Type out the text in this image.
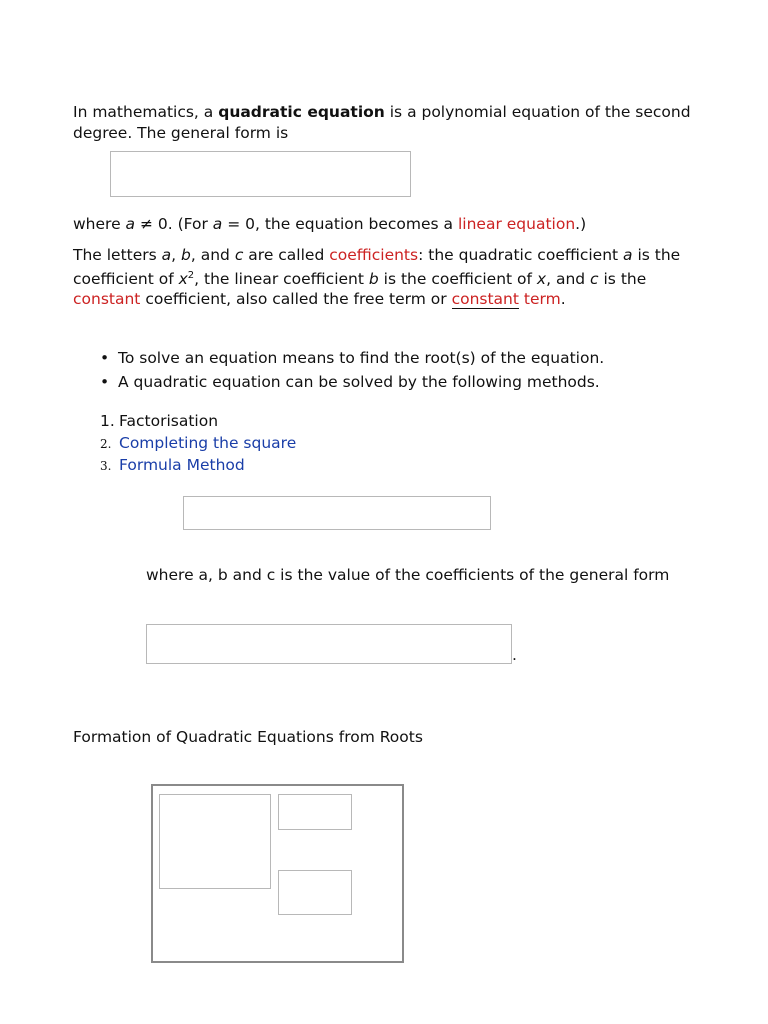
In mathematics, a quadratic equation is a polynomial equation of the second degree. The general form is

where a ≠ 0. (For a = 0, the equation becomes a linear equation.)

The letters a, b, and c are called coefficients: the quadratic coefficient a is the coefficient of $x^2$, the linear coefficient b is the coefficient of x, and c is the constant coefficient, also called the free term or constant term.

• To solve an equation means to find the root(s) of the equation.
• A quadratic equation can be solved by the following methods.
1. Factorisation
2. Completing the square
3. Formula Method

where a, b and c is the value of the coefficients of the general form

.

Formation of Quadratic Equations from Roots
